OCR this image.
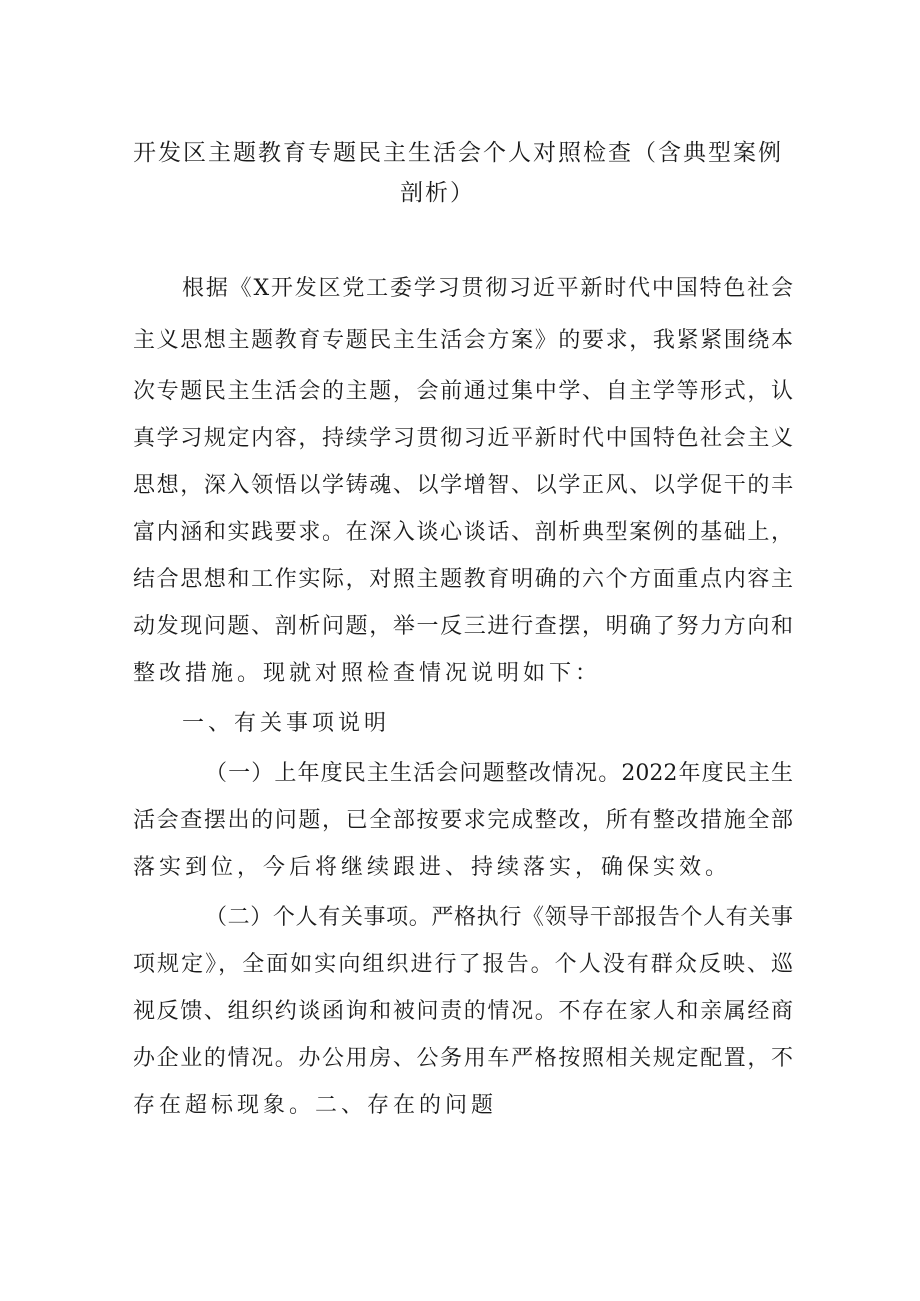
开发区主题教育专题民主生活会个人对照检查（含典型案例
剖析）
根据《X开发区党工委学习贯彻习近平新时代中国特色社会
主义思想主题教育专题民主生活会方案》的要求，我紧紧围绕本
次专题民主生活会的主题，会前通过集中学、自主学等形式，认
真学习规定内容，持续学习贯彻习近平新时代中国特色社会主义
思想，深入领悟以学铸魂、以学增智、以学正风、以学促干的丰
富内涵和实践要求。在深入谈心谈话、剖析典型案例的基础上，
结合思想和工作实际，对照主题教育明确的六个方面重点内容主
动发现问题、剖析问题，举一反三进行查摆，明确了努力方向和
整改措施。现就对照检查情况说明如下：
一、有关事项说明
（一）上年度民主生活会问题整改情况。2022年度民主生
活会查摆出的问题，已全部按要求完成整改，所有整改措施全部
落实到位，今后将继续跟进、持续落实，确保实效。
（二）个人有关事项。严格执行《领导干部报告个人有关事
项规定》，全面如实向组织进行了报告。个人没有群众反映、巡
视反馈、组织约谈函询和被问责的情况。不存在家人和亲属经商
办企业的情况。办公用房、公务用车严格按照相关规定配置，不
存在超标现象。二、存在的问题
